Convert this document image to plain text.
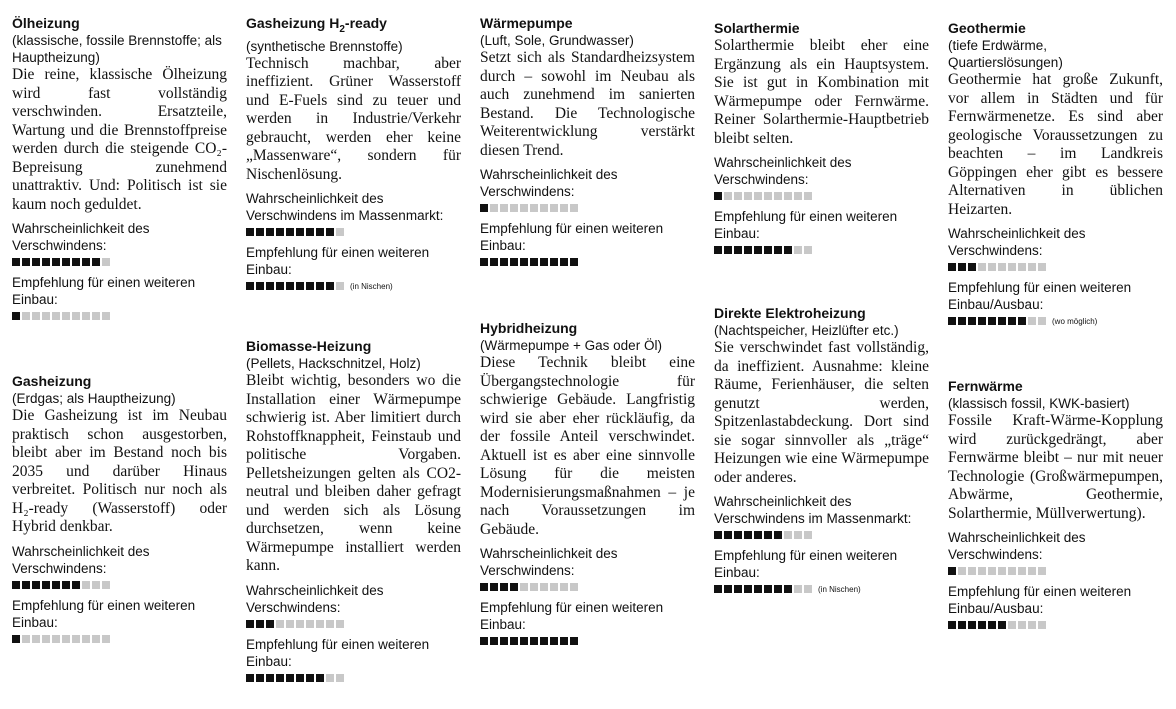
Ölheizung

(klassische, fossile Brennstoffe; als Hauptheizung)

Die reine, klassische Ölheizung wird fast vollständig verschwinden. Ersatzteile, Wartung und die Brennstoffpreise werden durch die steigende CO₂-Bepreisung zunehmend unattraktiv. Und: Politisch ist sie kaum noch geduldet.

Wahrscheinlichkeit des Verschwindens:

Empfehlung für einen weiteren Einbau:

Gasheizung

(Erdgas; als Hauptheizung)

Die Gasheizung ist im Neubau praktisch schon ausgestorben, bleibt aber im Bestand noch bis 2035 und darüber Hinaus verbreitet. Politisch nur noch als H₂-ready (Wasserstoff) oder Hybrid denkbar.

Wahrscheinlichkeit des Verschwindens:

Empfehlung für einen weiteren Einbau:

Gasheizung $H_2$-ready

(synthetische Brennstoffe)

Technisch machbar, aber ineffizient. Grüner Wasserstoff und E-Fuels sind zu teuer und werden in Industrie/Verkehr gebraucht, werden eher keine „Massenware“, sondern für Nischenlösung.

Wahrscheinlichkeit des Verschwindens im Massenmarkt:

Empfehlung für einen weiteren Einbau:

(in Nischen)
Biomasse-Heizung

(Pellets, Hackschnitzel, Holz)

Bleibt wichtig, besonders wo die Installation einer Wärmepumpe schwierig ist. Aber limitiert durch Rohstoffknappheit, Feinstaub und politische Vorgaben. Pelletsheizungen gelten als CO2-neutral und bleiben daher gefragt und werden sich als Lösung durchsetzen, wenn keine Wärmepumpe installiert werden kann.

Wahrscheinlichkeit des Verschwindens:

Empfehlung für einen weiteren Einbau:

Wärmepumpe

(Luft, Sole, Grundwasser)

Setzt sich als Standardheizsystem durch – sowohl im Neubau als auch zunehmend im sanierten Bestand. Die Technologische Weiterentwicklung verstärkt diesen Trend.

Wahrscheinlichkeit des Verschwindens:

Empfehlung für einen weiteren Einbau:

Hybridheizung

(Wärmepumpe + Gas oder Öl)

Diese Technik bleibt eine Übergangstechnologie für schwierige Gebäude. Langfristig wird sie aber eher rückläufig, da der fossile Anteil verschwindet. Aktuell ist es aber eine sinnvolle Lösung für die meisten Modernisierungsmaßnahmen – je nach Voraussetzungen im Gebäude.

Wahrscheinlichkeit des Verschwindens:

Empfehlung für einen weiteren Einbau:

Solarthermie

Solarthermie bleibt eher eine Ergänzung als ein Hauptsystem. Sie ist gut in Kombination mit Wärmepumpe oder Fernwärme. Reiner Solarthermie-Hauptbetrieb bleibt selten.

Wahrscheinlichkeit des Verschwindens:

Empfehlung für einen weiteren Einbau:

Direkte Elektroheizung

(Nachtspeicher, Heizlüfter etc.)

Sie verschwindet fast vollständig, da ineffizient. Ausnahme: kleine Räume, Ferienhäuser, die selten genutzt werden, Spitzenlastabdeckung. Dort sind sie sogar sinnvoller als „träge“ Heizungen wie eine Wärmepumpe oder anderes.

Wahrscheinlichkeit des Verschwindens im Massenmarkt:

Empfehlung für einen weiteren Einbau:

(in Nischen)
Geothermie

(tiefe Erdwärme, Quartierslösungen)

Geothermie hat große Zukunft, vor allem in Städten und für Fernwärmenetze. Es sind aber geologische Voraussetzungen zu beachten – im Landkreis Göppingen eher gibt es bessere Alternativen in üblichen Heizarten.

Wahrscheinlichkeit des Verschwindens:

Empfehlung für einen weiteren Einbau/Ausbau:

(wo möglich)
Fernwärme

(klassisch fossil, KWK-basiert)

Fossile Kraft-Wärme-Kopplung wird zurückgedrängt, aber Fernwärme bleibt – nur mit neuer Technologie (Großwärmepumpen, Abwärme, Geothermie, Solarthermie, Müllverwertung).

Wahrscheinlichkeit des Verschwindens:

Empfehlung für einen weiteren Einbau/Ausbau:
